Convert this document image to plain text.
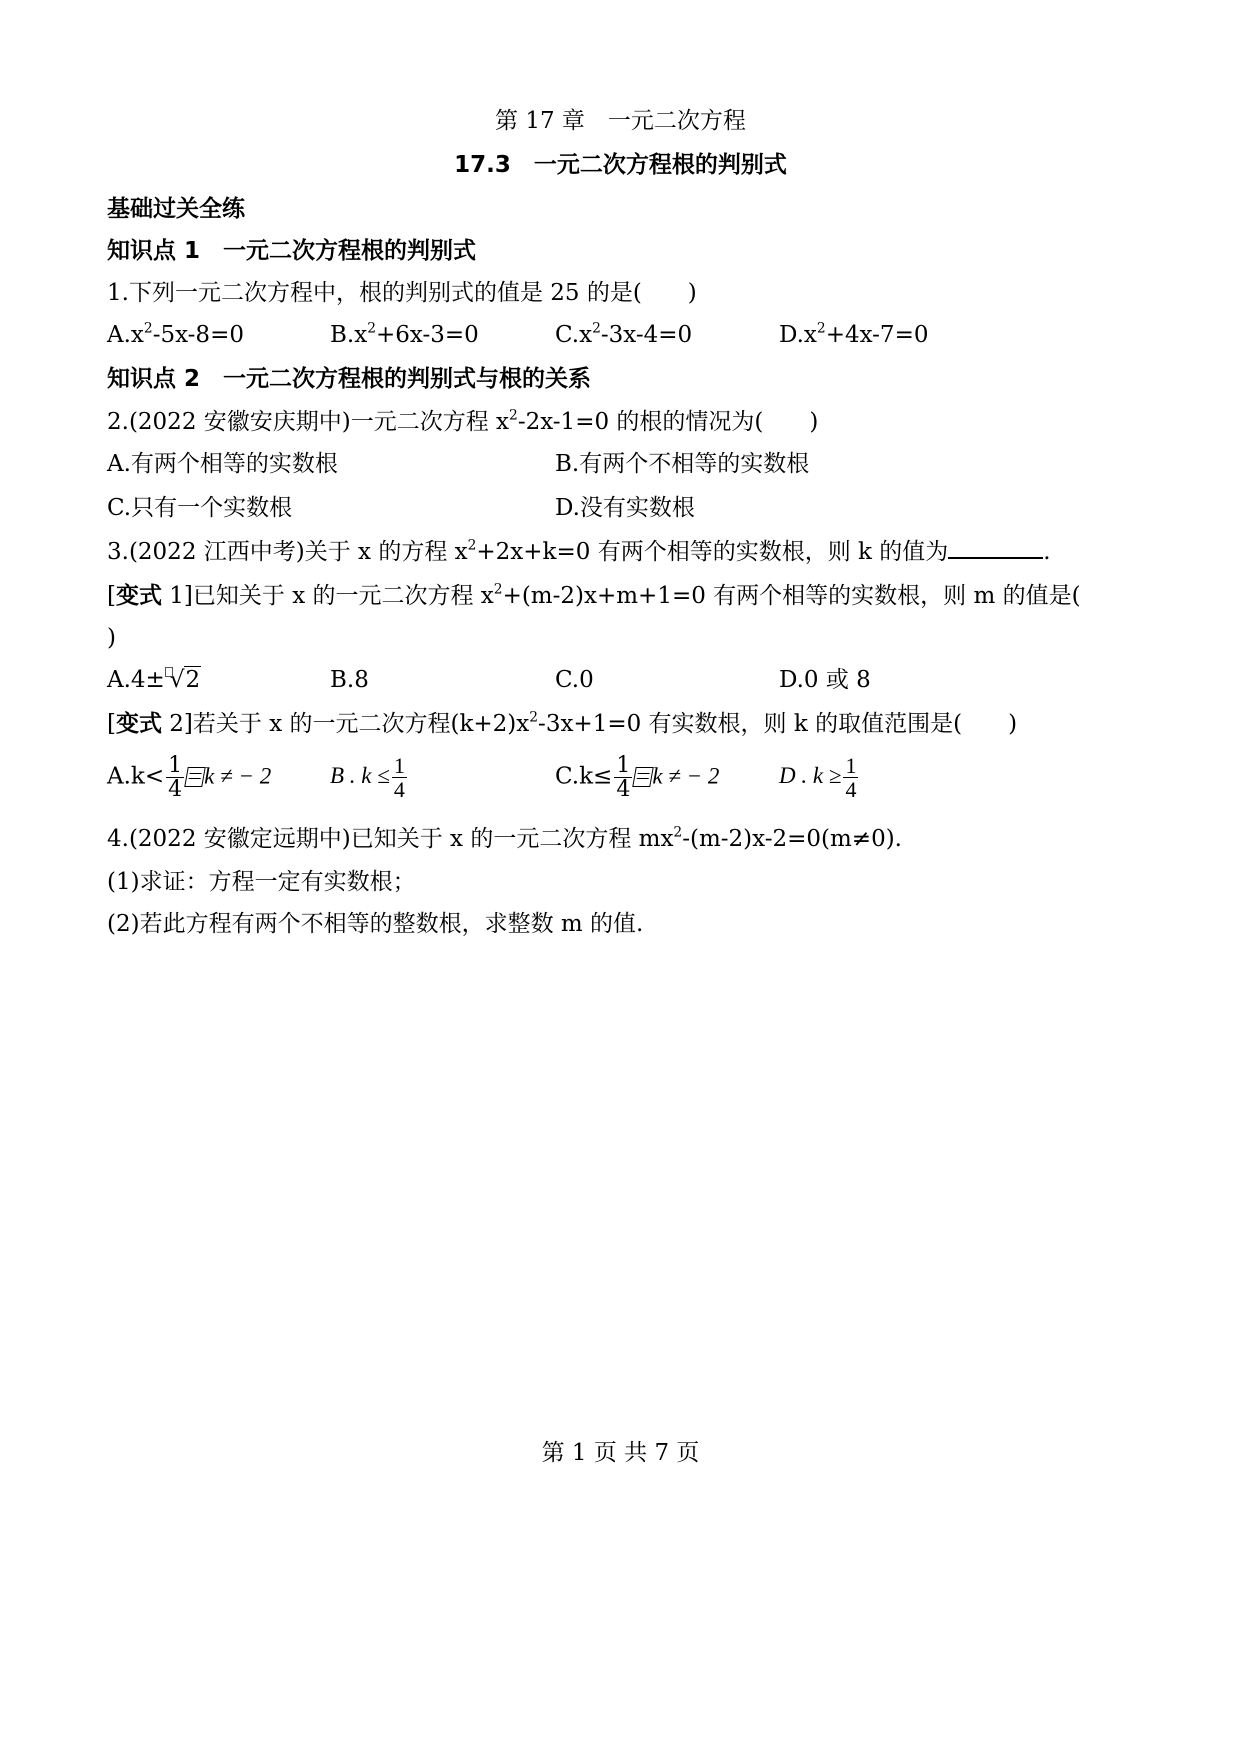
第 17 章　一元二次方程
17.3　一元二次方程根的判别式
基础过关全练
知识点 1　一元二次方程根的判别式
1.下列一元二次方程中，根的判别式的值是 25 的是(　　)
$A.x^2-5x-8=0$	$B.x^2+6x-3=0$	$C.x^2-3x-4=0$	$D.x^2+4x-7=0$
知识点 2　一元二次方程根的判别式与根的关系
2.(2022 安徽安庆期中)一元二次方程 $x^2-2x-1=0$ 的根的情况为(　　)
A.有两个相等的实数根	B.有两个不相等的实数根
C.只有一个实数根	D.没有实数根
3.(2022 江西中考)关于 x 的方程 $x^2+2x+k=0$ 有两个相等的实数根，则 k 的值为	.
[变式 1]已知关于 x 的一元二次方程 $x^2+(m-2)x+m+1=0$ 有两个相等的实数根，则 m 的值是(
)
A.4± √2	B.8	C.0	D.0 或 8
[变式 2]若关于 x 的一元二次方程$(k+2)x^2-3x+1=0$ 有实数根，则 k 的取值范围是(　　)
$A.k< \frac{1}{4}$ k ≠ − 2	B . $k \le \frac{1}{4}$	$C.k\le \frac{1}{4}$ k ≠ − 2	D . $k \ge \frac{1}{4}$
4.(2022 安徽定远期中)已知关于 x 的一元二次方程 $mx^2-(m-2)x-2=0(m\ne 0)$.
(1)求证：方程一定有实数根；
(2)若此方程有两个不相等的整数根，求整数 m 的值.
第 1 页 共 7 页
